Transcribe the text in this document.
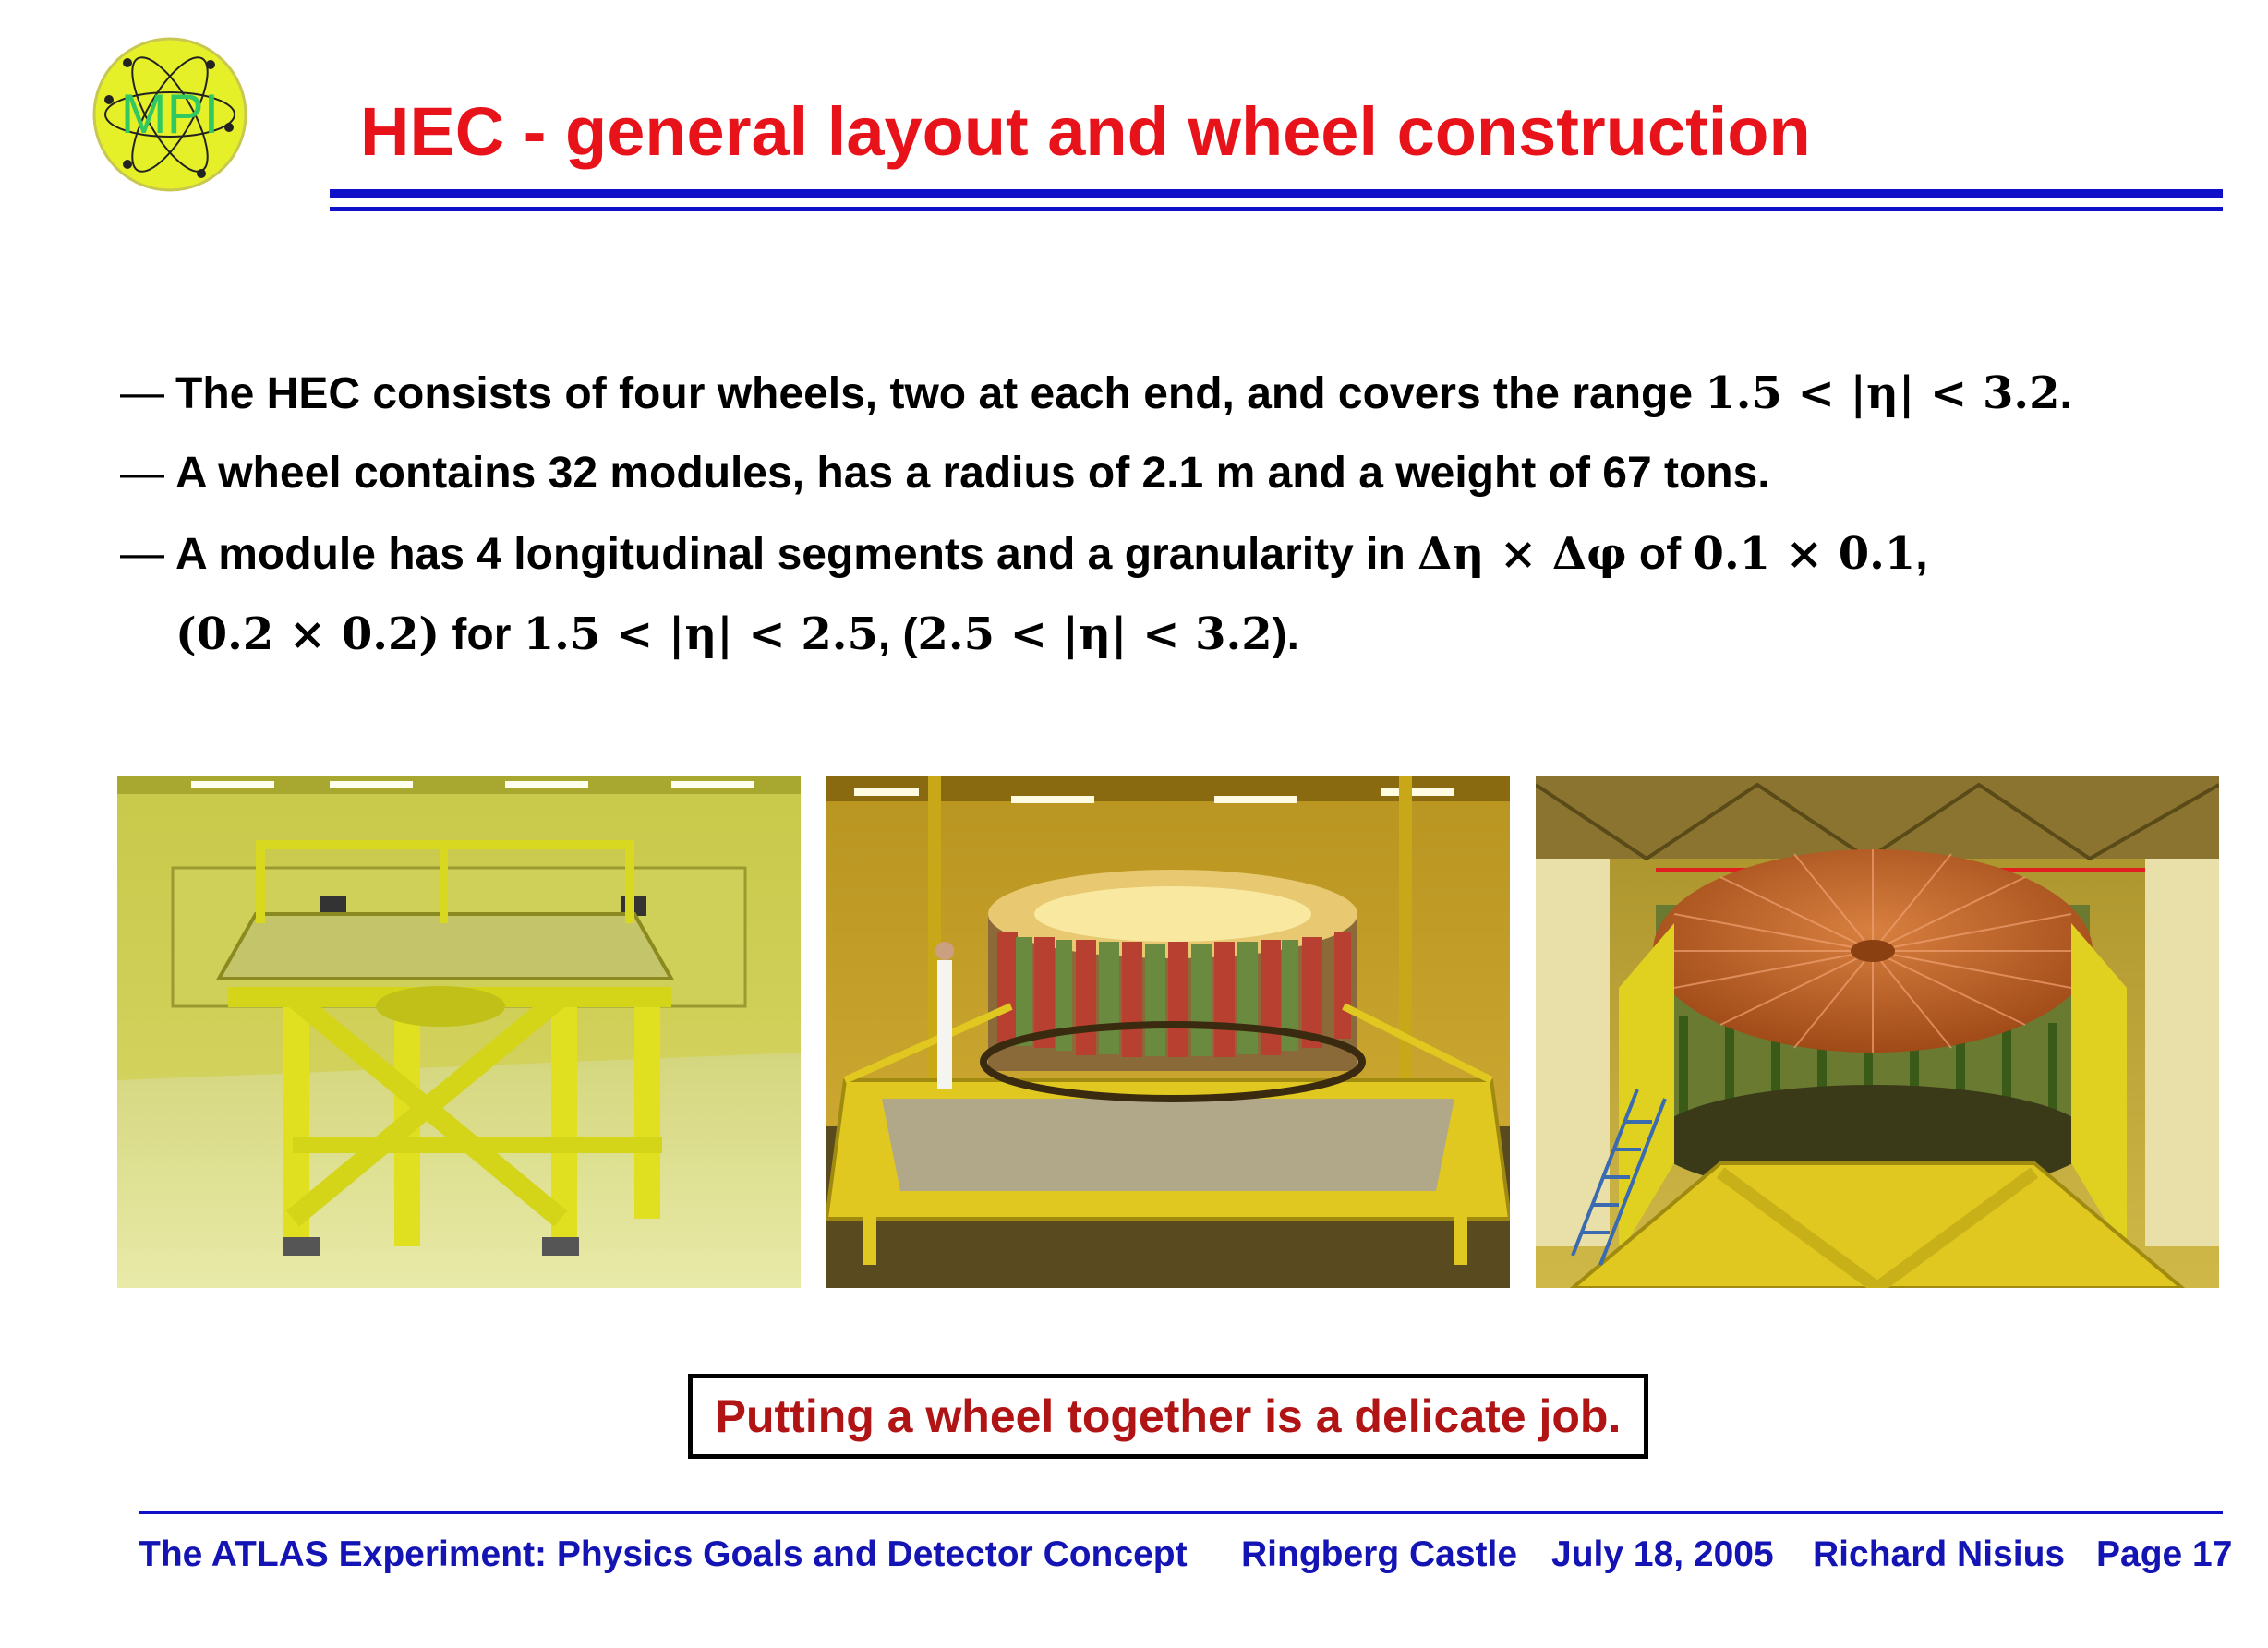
MPI HEC - general layout and wheel construction
— The HEC consists of four wheels, two at each end, and covers the range 1.5 < |η| < 3.2.
— A wheel contains 32 modules, has a radius of 2.1 m and a weight of 67 tons.
— A module has 4 longitudinal segments and a granularity in Δη × Δφ of 0.1 × 0.1,
(0.2 × 0.2) for 1.5 < |η| < 2.5, (2.5 < |η| < 3.2).
Putting a wheel together is a delicate job.
The ATLAS Experiment: Physics Goals and Detector Concept Ringberg Castle July 18, 2005 Richard Nisius Page 17
